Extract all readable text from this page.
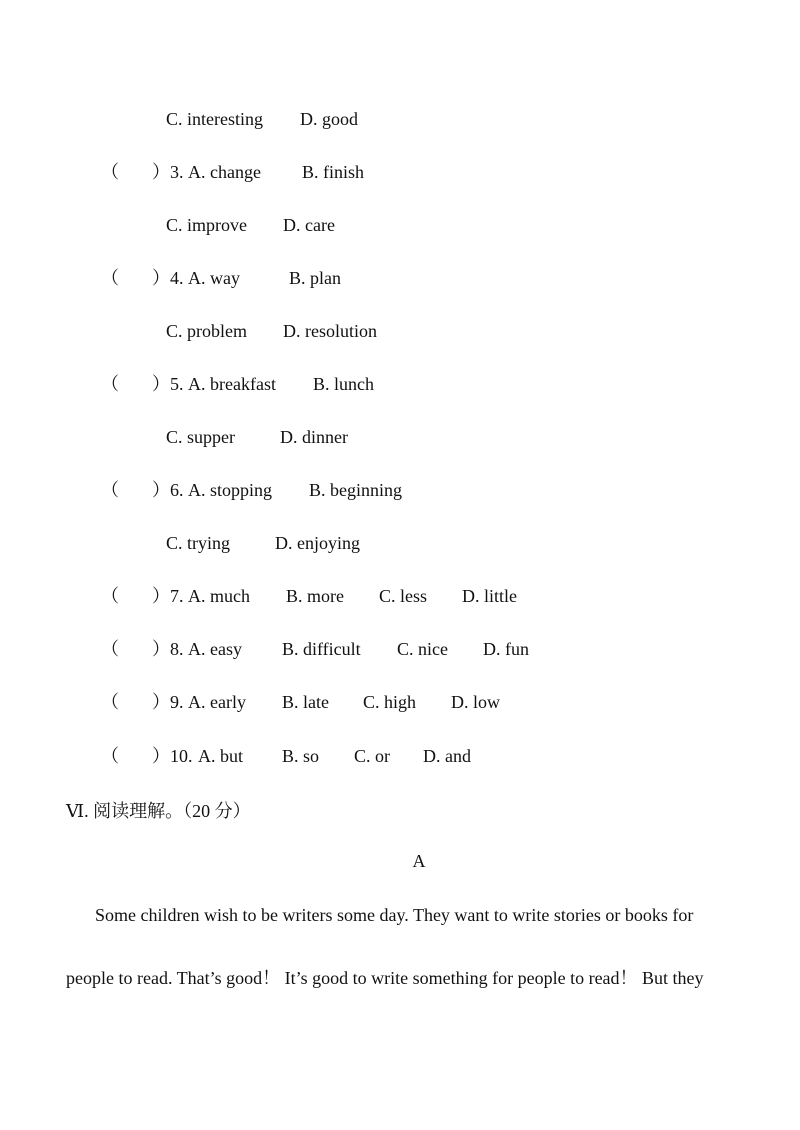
C. interesting D. good
（ ） 3. A. change B. finish
C. improve D. care
（ ） 4. A. way	B. plan
C. problem D. resolution
（ ） 5. A. breakfast B. lunch
C. supper	D. dinner
（ ） 6. A. stopping B. beginning
C. trying D. enjoying
（ ） 7. A. much B. more C. less D. little
（ ） 8. A. easy B. difficult C. nice D. fun
（ ） 9. A. early B. late C. high D. low
（ ） 10. A. but B. so C. or D. and
Ⅵ. 阅读理解。（20 分）
A
Some children wish to be writers some day. They want to write stories or books for
people to read. That’s good！ It’s good to write something for people to read！ But they
